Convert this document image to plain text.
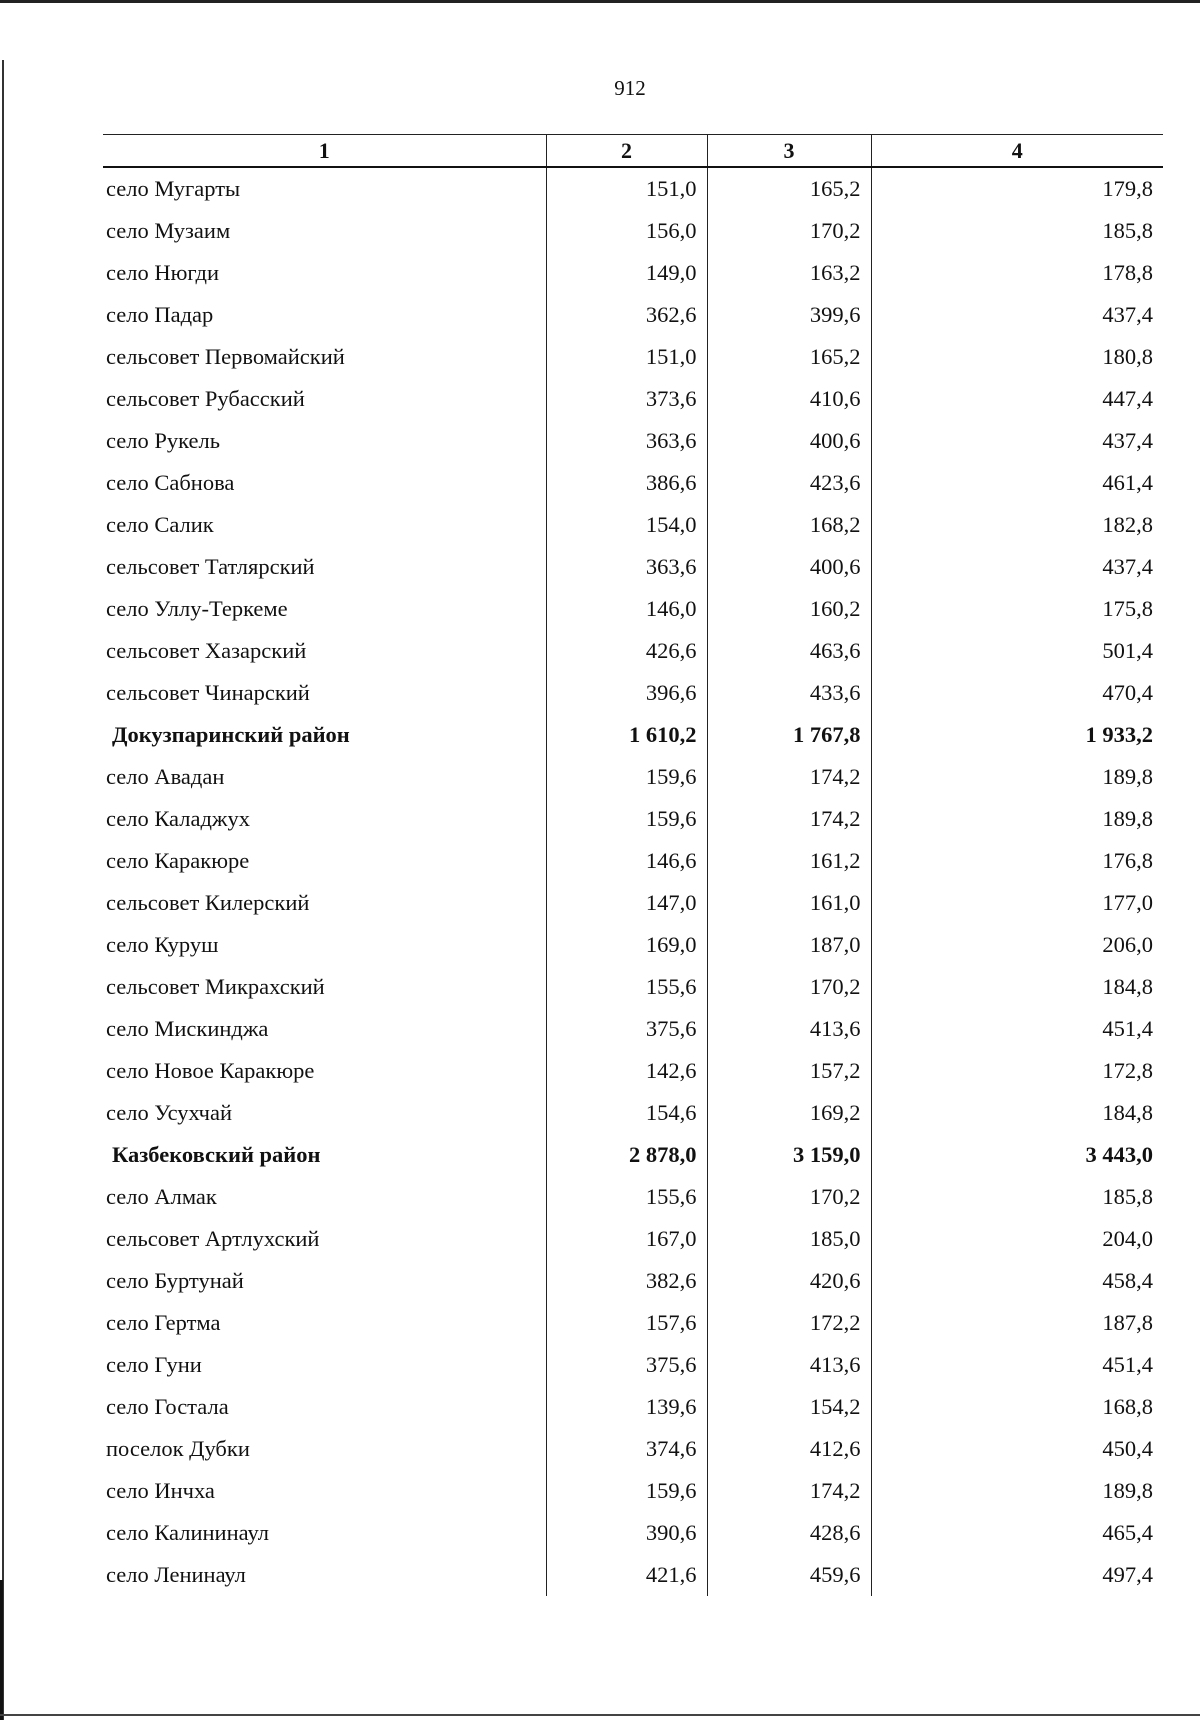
912
1	2	3	4
село Мугарты	151,0	165,2	179,8
село Музаим	156,0	170,2	185,8
село Нюгди	149,0	163,2	178,8
село Падар	362,6	399,6	437,4
сельсовет Первомайский	151,0	165,2	180,8
сельсовет Рубасский	373,6	410,6	447,4
село Рукель	363,6	400,6	437,4
село Сабнова	386,6	423,6	461,4
село Салик	154,0	168,2	182,8
сельсовет Татлярский	363,6	400,6	437,4
село Уллу-Теркеме	146,0	160,2	175,8
сельсовет Хазарский	426,6	463,6	501,4
сельсовет Чинарский	396,6	433,6	470,4
Докузпаринский район	1 610,2	1 767,8	1 933,2
село Авадан	159,6	174,2	189,8
село Каладжух	159,6	174,2	189,8
село Каракюре	146,6	161,2	176,8
сельсовет Килерский	147,0	161,0	177,0
село Куруш	169,0	187,0	206,0
сельсовет Микрахский	155,6	170,2	184,8
село Мискинджа	375,6	413,6	451,4
село Новое Каракюре	142,6	157,2	172,8
село Усухчай	154,6	169,2	184,8
Казбековский район	2 878,0	3 159,0	3 443,0
село Алмак	155,6	170,2	185,8
сельсовет Артлухский	167,0	185,0	204,0
село Буртунай	382,6	420,6	458,4
село Гертма	157,6	172,2	187,8
село Гуни	375,6	413,6	451,4
село Гостала	139,6	154,2	168,8
поселок Дубки	374,6	412,6	450,4
село Инчха	159,6	174,2	189,8
село Калининаул	390,6	428,6	465,4
село Ленинаул	421,6	459,6	497,4
